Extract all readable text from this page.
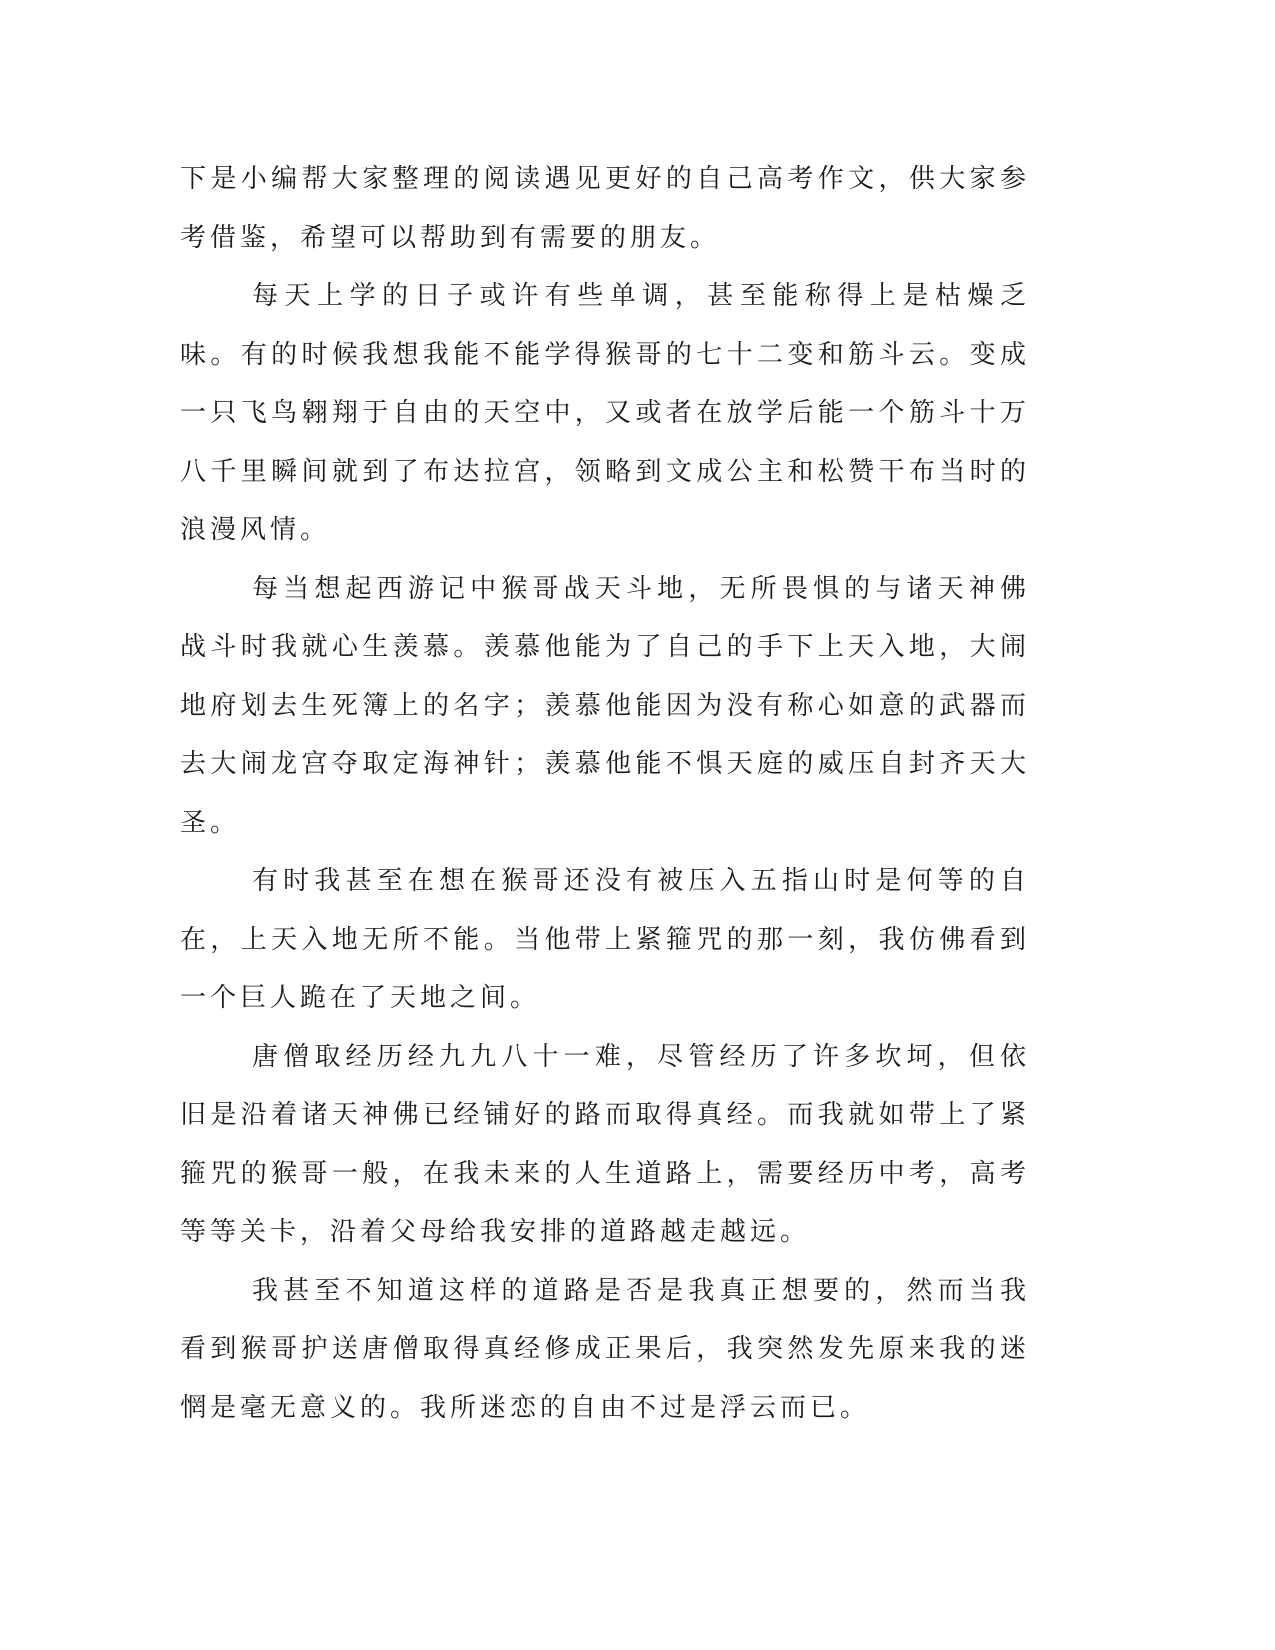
下是小编帮大家整理的阅读遇见更好的自己高考作文，供大家参考借鉴，希望可以帮助到有需要的朋友。

每天上学的日子或许有些单调，甚至能称得上是枯燥乏味。有的时候我想我能不能学得猴哥的七十二变和筋斗云。变成一只飞鸟翱翔于自由的天空中，又或者在放学后能一个筋斗十万八千里瞬间就到了布达拉宫，领略到文成公主和松赞干布当时的浪漫风情。

每当想起西游记中猴哥战天斗地，无所畏惧的与诸天神佛战斗时我就心生羡慕。羡慕他能为了自己的手下上天入地，大闹地府划去生死簿上的名字；羡慕他能因为没有称心如意的武器而去大闹龙宫夺取定海神针；羡慕他能不惧天庭的威压自封齐天大圣。

有时我甚至在想在猴哥还没有被压入五指山时是何等的自在，上天入地无所不能。当他带上紧箍咒的那一刻，我仿佛看到一个巨人跪在了天地之间。

唐僧取经历经九九八十一难，尽管经历了许多坎坷，但依旧是沿着诸天神佛已经铺好的路而取得真经。而我就如带上了紧箍咒的猴哥一般，在我未来的人生道路上，需要经历中考，高考等等关卡，沿着父母给我安排的道路越走越远。

我甚至不知道这样的道路是否是我真正想要的，然而当我看到猴哥护送唐僧取得真经修成正果后，我突然发先原来我的迷惘是毫无意义的。我所迷恋的自由不过是浮云而已。
